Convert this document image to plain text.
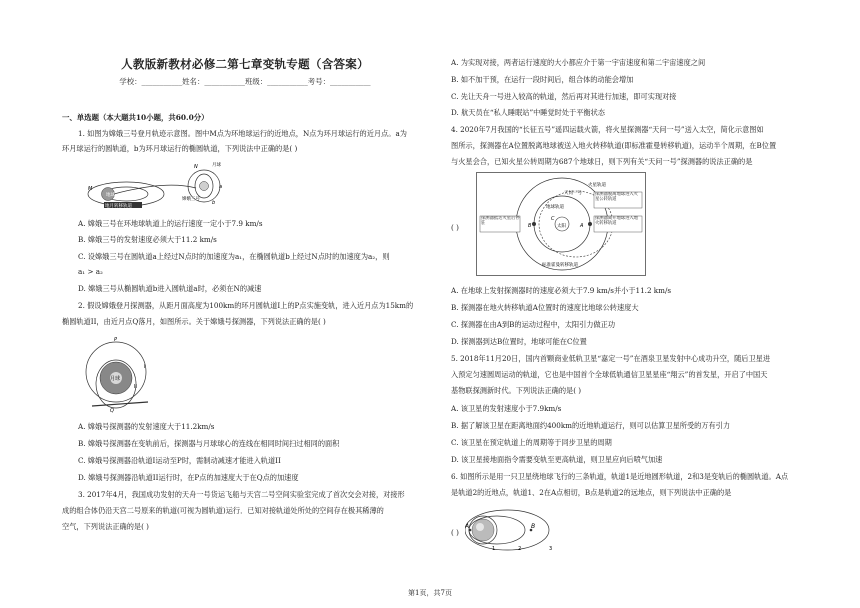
人教版新教材必修二第七章变轨专题（含答案）
学校：___________姓名：___________班级：___________考号：___________
一、单选题（本大题共10小题，共60.0分）

1. 如图为嫦娥三号登月轨迹示意图。图中M点为环地球运行的近地点，N点为环月球运行的近月点。a为

环月球运行的圆轨道，b为环月球运行的椭圆轨道，下列说法中正确的是( )

地球
地月转移轨道
月球
嫦娥三号
M
N
a
b

A. 嫦娥三号在环地球轨道上的运行速度一定小于7.9 km/s

B. 嫦娥三号的发射速度必须大于11.2 km/s

C. 设嫦娥三号在圆轨道a上经过N点时的加速度为a₁，在椭圆轨道b上经过N点时的加速度为a₂，则

a₁ > a₂

D. 嫦娥三号从椭圆轨道b进入圆轨道a时，必须在N的减速

2. 假设嫦娥登月探测器，从距月面高度为100km的环月圆轨道I上的P点实施变轨，进入近月点为15km的

椭圆轨道II，由近月点Q落月，如图所示。关于嫦娥号探测器，下列说法正确的是( )

月球
P
Q
I
II

A. 嫦娥号探测器的发射速度大于11.2km/s

B. 嫦娥号探测器在变轨前后，探测器与月球球心的连线在相同时间扫过相同的面积

C. 嫦娥号探测器沿轨道I运动至P时，需制动减速才能进入轨道II

D. 嫦娥号探测器沿轨道II运行时，在P点的加速度大于在Q点的加速度

3. 2017年4月，我国成功发射的天舟一号货运飞船与天宫二号空间实验室完成了首次交会对接，对接形

成的组合体仍沿天宫二号原来的轨道(可视为圆轨道)运行．已知对接轨道处所处的空间存在极其稀薄的

空气，下列说法正确的是( )

A. 为实现对接，两者运行速度的大小都应介于第一宇宙速度和第二宇宙速度之间

B. 如不加干预，在运行一段时间后，组合体的动能会增加

C. 先让天舟一号进入较高的轨道，然后再对其进行加速，即可实现对接

D. 航天员在“私人睡眠站”中睡觉时处于平衡状态

4. 2020年7月我国的“长征五号”遥四运载火箭，将火星探测器“天问一号”送入太空，简化示意图如

图所示，探测器在A位置脱离地球被送入地火转移轨道(即标准霍曼转移轨道)，运动半个周期，在B位置

与火星会合，已知火星公转周期为687个地球日，则下列有关“天问一号”探测器的说法正确的是

( )

火星轨道
天问一号	探测器脱离地球进入火星公转轨道
地球轨道
C
太阳	A
探测器离开地球进入地火转移轨道
探测器抵达火星后停驻	B
标准霍曼转移轨道

A. 在地球上发射探测器时的速度必须大于7.9 km/s并小于11.2 km/s

B. 探测器在地火转移轨道A位置时的速度比地球公转速度大

C. 探测器在由A到B的运动过程中，太阳引力做正功

D. 探测器到达B位置时，地球可能在C位置

5. 2018年11月20日，国内首颗商业低轨卫星“嘉定一号”在酒泉卫星发射中心成功升空，随后卫星进

入预定匀速圆周运动的轨道，它也是中国首个全球低轨通信卫星星座“翔云”的首发星，开启了中国天

基物联探测新时代。下列说法正确的是( )

A. 该卫星的发射速度小于7.9km/s

B. 据了解该卫星在距离地面约400km的近地轨道运行，则可以估算卫星所受的万有引力

C. 该卫星在预定轨道上的周期等于同步卫星的周期

D. 该卫星接地面指令需要变轨至更高轨道，则卫星应向后喷气加速

6. 如图所示是用一只卫星绕地球飞行的三条轨道，轨道1是近地圆形轨道，2和3是变轨后的椭圆轨道。A点

是轨道2的近地点，轨道1、2在A点相切，B点是轨道2的远地点，则下列说法中正确的是

( )

A	B
1	2	3
第1页，共7页
